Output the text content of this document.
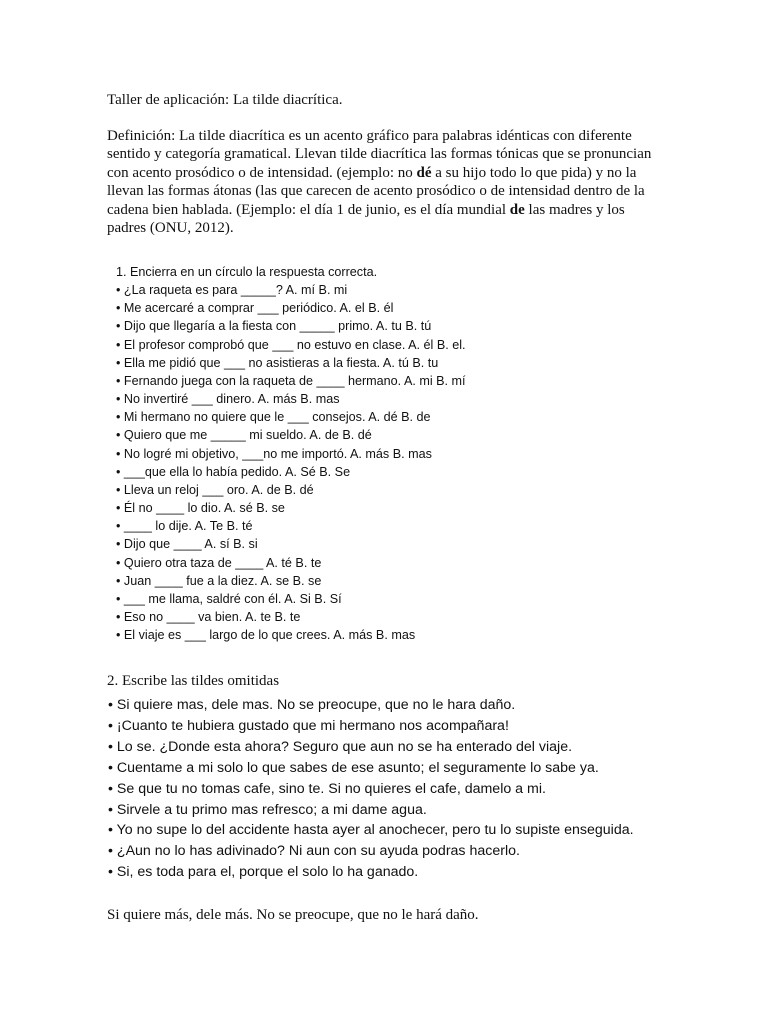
Taller de aplicación: La tilde diacrítica.

Definición: La tilde diacrítica es un acento gráfico para palabras idénticas con diferente sentido y categoría gramatical. Llevan tilde diacrítica las formas tónicas que se pronuncian con acento prosódico o de intensidad. (ejemplo: no dé a su hijo todo lo que pida) y no la llevan las formas átonas (las que carecen de acento prosódico o de intensidad dentro de la cadena bien hablada. (Ejemplo: el día 1 de junio, es el día mundial de las madres y los padres (ONU, 2012).

1. Encierra en un círculo la respuesta correcta.

• ¿La raqueta es para _____? A. mí B. mi
• Me acercaré a comprar ___ periódico. A. el B. él
• Dijo que llegaría a la fiesta con _____ primo. A. tu B. tú
• El profesor comprobó que ___ no estuvo en clase. A. él B. el.
• Ella me pidió que ___ no asistieras a la fiesta. A. tú B. tu
• Fernando juega con la raqueta de ____ hermano. A. mi B. mí
• No invertiré ___ dinero. A. más B. mas
• Mi hermano no quiere que le ___ consejos. A. dé B. de
• Quiero que me _____ mi sueldo. A. de B. dé
• No logré mi objetivo, ___no me importó. A. más B. mas
• ___que ella lo había pedido. A. Sé B. Se
• Lleva un reloj ___ oro. A. de B. dé
• Él no ____ lo dio. A. sé B. se
• ____ lo dije. A. Te B. té
• Dijo que ____ A. sí B. si
• Quiero otra taza de ____ A. té B. te
• Juan ____ fue a la diez. A. se B. se
• ___ me llama, saldré con él. A. Si B. Sí
• Eso no ____ va bien. A. te B. te
• El viaje es ___ largo de lo que crees. A. más B. mas

2. Escribe las tildes omitidas

• Si quiere mas, dele mas. No se preocupe, que no le hara daño.
• ¡Cuanto te hubiera gustado que mi hermano nos acompañara!
• Lo se. ¿Donde esta ahora? Seguro que aun no se ha enterado del viaje.
• Cuentame a mi solo lo que sabes de ese asunto; el seguramente lo sabe ya.
• Se que tu no tomas cafe, sino te. Si no quieres el cafe, damelo a mi.
• Sirvele a tu primo mas refresco; a mi dame agua.
• Yo no supe lo del accidente hasta ayer al anochecer, pero tu lo supiste enseguida.
• ¿Aun no lo has adivinado? Ni aun con su ayuda podras hacerlo.
• Si, es toda para el, porque el solo lo ha ganado.

Si quiere más, dele más. No se preocupe, que no le hará daño.
